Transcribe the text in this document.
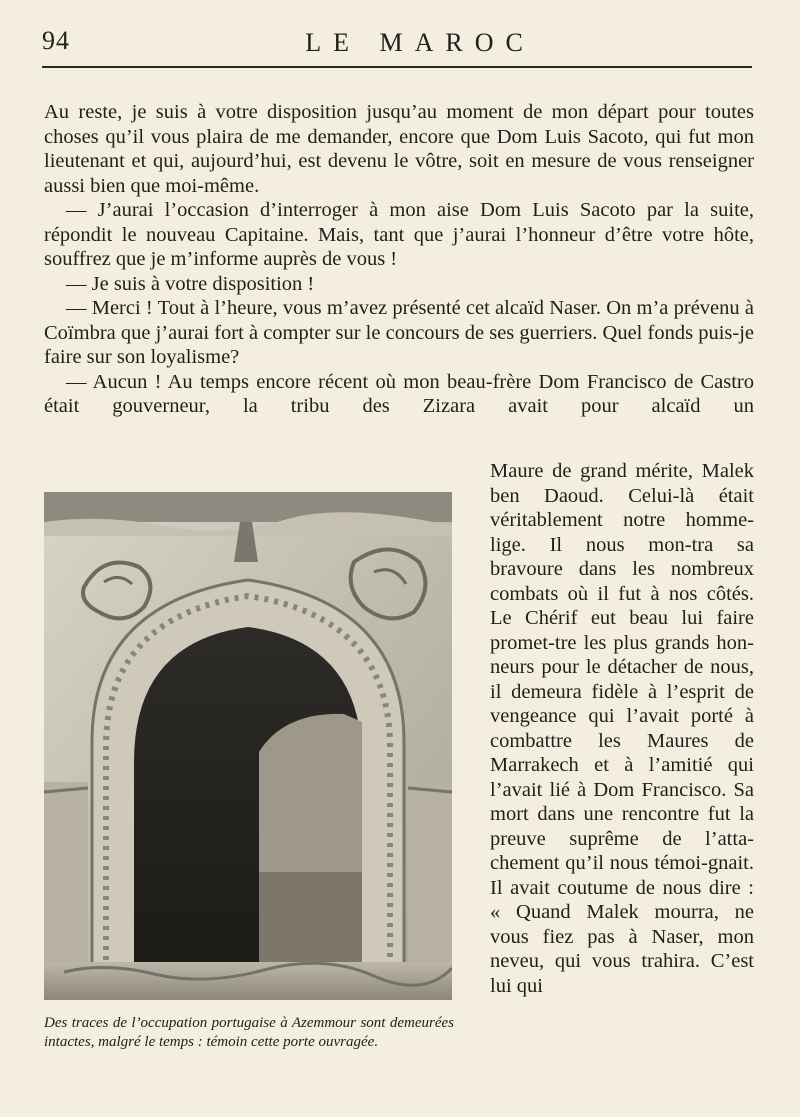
94	LE MAROC

Au reste, je suis à votre disposition jusqu’au moment de mon départ pour toutes choses qu’il vous plaira de me demander, encore que Dom Luis Sacoto, qui fut mon lieutenant et qui, aujourd’hui, est devenu le vôtre, soit en mesure de vous renseigner aussi bien que moi-même.

— J’aurai l’occasion d’interroger à mon aise Dom Luis Sacoto par la suite, répondit le nouveau Capitaine. Mais, tant que j’aurai l’honneur d’être votre hôte, souffrez que je m’informe auprès de vous !

— Je suis à votre disposition !

— Merci ! Tout à l’heure, vous m’avez présenté cet alcaïd Naser. On m’a prévenu à Coïmbra que j’aurai fort à compter sur le concours de ses guerriers. Quel fonds puis-je faire sur son loyalisme?

— Aucun ! Au temps encore récent où mon beau-frère Dom Francisco de Castro était gouverneur, la tribu des Zizara avait pour alcaïd un

Maure de grand mérite, Malek ben Daoud. Celui-là était véritablement notre homme-lige. Il nous mon-tra sa bravoure dans les nombreux combats où il fut à nos côtés. Le Chérif eut beau lui faire promet-tre les plus grands hon-neurs pour le détacher de nous, il demeura fidèle à l’esprit de vengeance qui l’avait porté à combattre les Maures de Marrakech et à l’amitié qui l’avait lié à Dom Francisco. Sa mort dans une rencontre fut la preuve suprême de l’atta-chement qu’il nous témoi-gnait. Il avait coutume de nous dire : « Quand Malek mourra, ne vous fiez pas à Naser, mon neveu, qui vous trahira. C’est lui qui
Des traces de l’occupation portugaise à Azemmour sont demeurées intactes, malgré le temps : témoin cette porte ouvragée.
